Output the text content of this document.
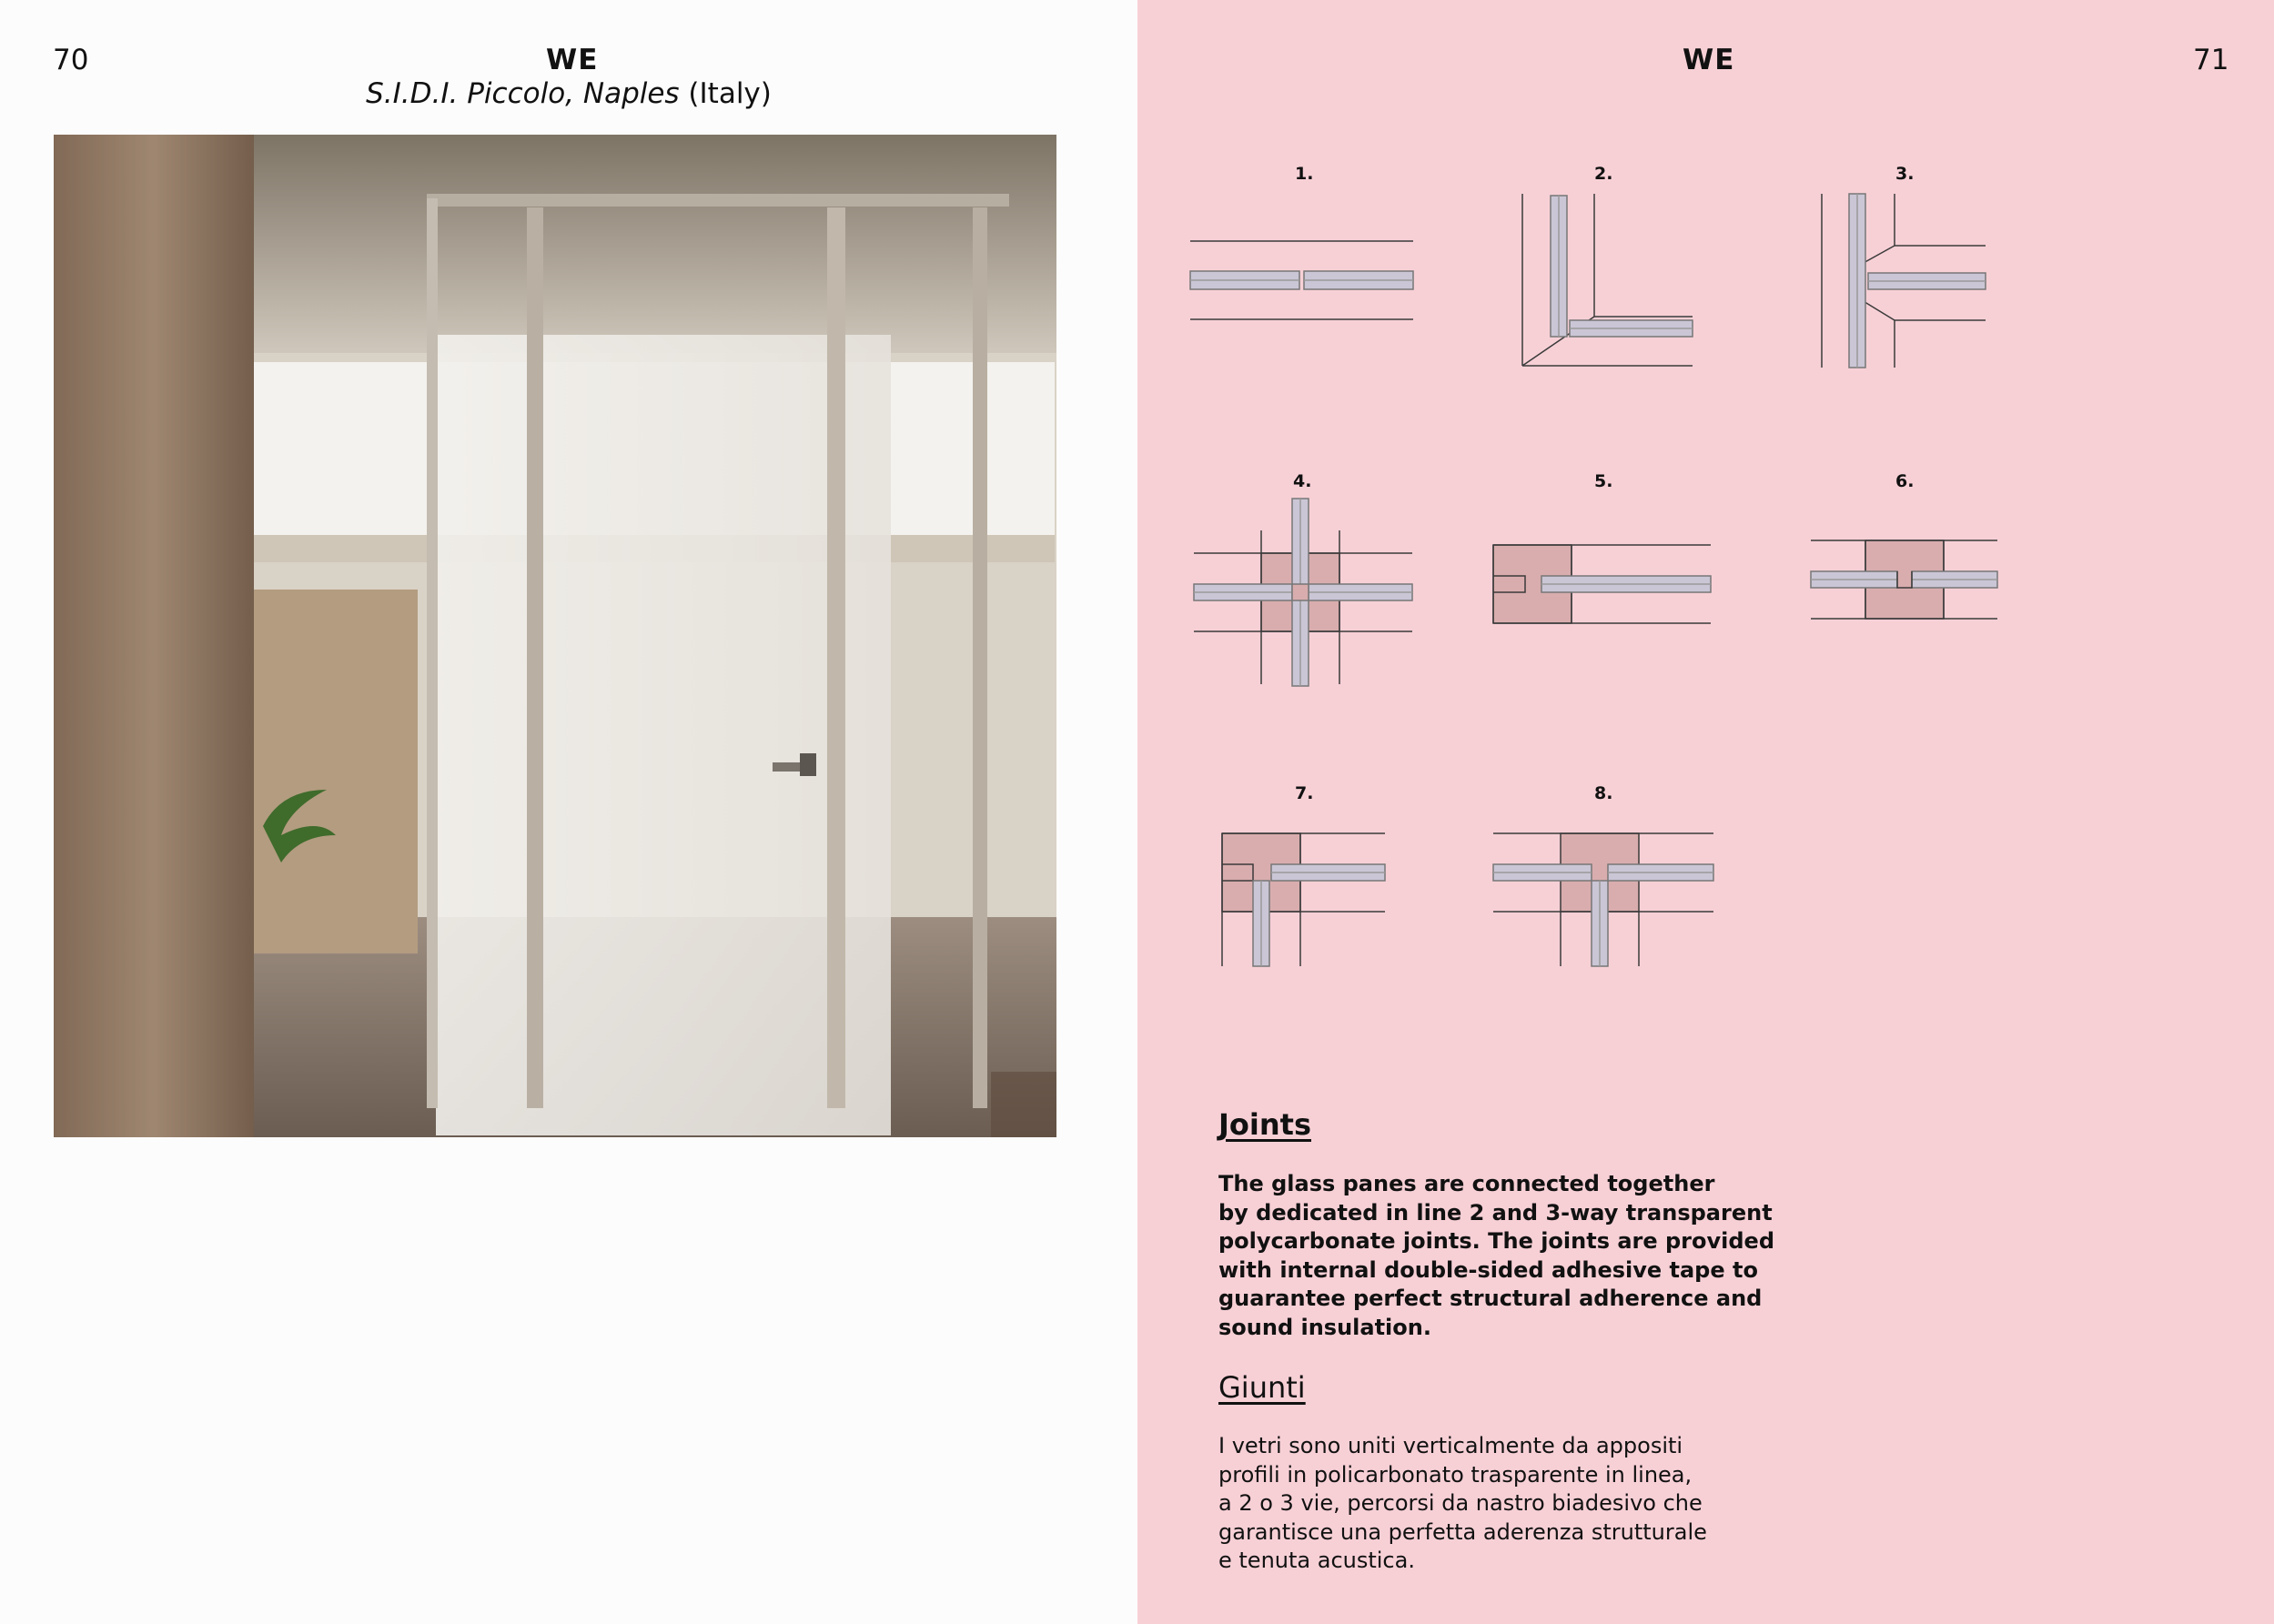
70	WE
S.I.D.I. Piccolo, Naples (Italy)
71
WE
1.	2.	3.
4.	5.	6.
7.	8.
Joints
The glass panes are connected together
by dedicated in line 2 and 3-way transparent
polycarbonate joints. The joints are provided
with internal double-sided adhesive tape to
guarantee perfect structural adherence and
sound insulation.
Giunti
I vetri sono uniti verticalmente da appositi
profili in policarbonato trasparente in linea,
a 2 o 3 vie, percorsi da nastro biadesivo che
garantisce una perfetta aderenza strutturale
e tenuta acustica.
